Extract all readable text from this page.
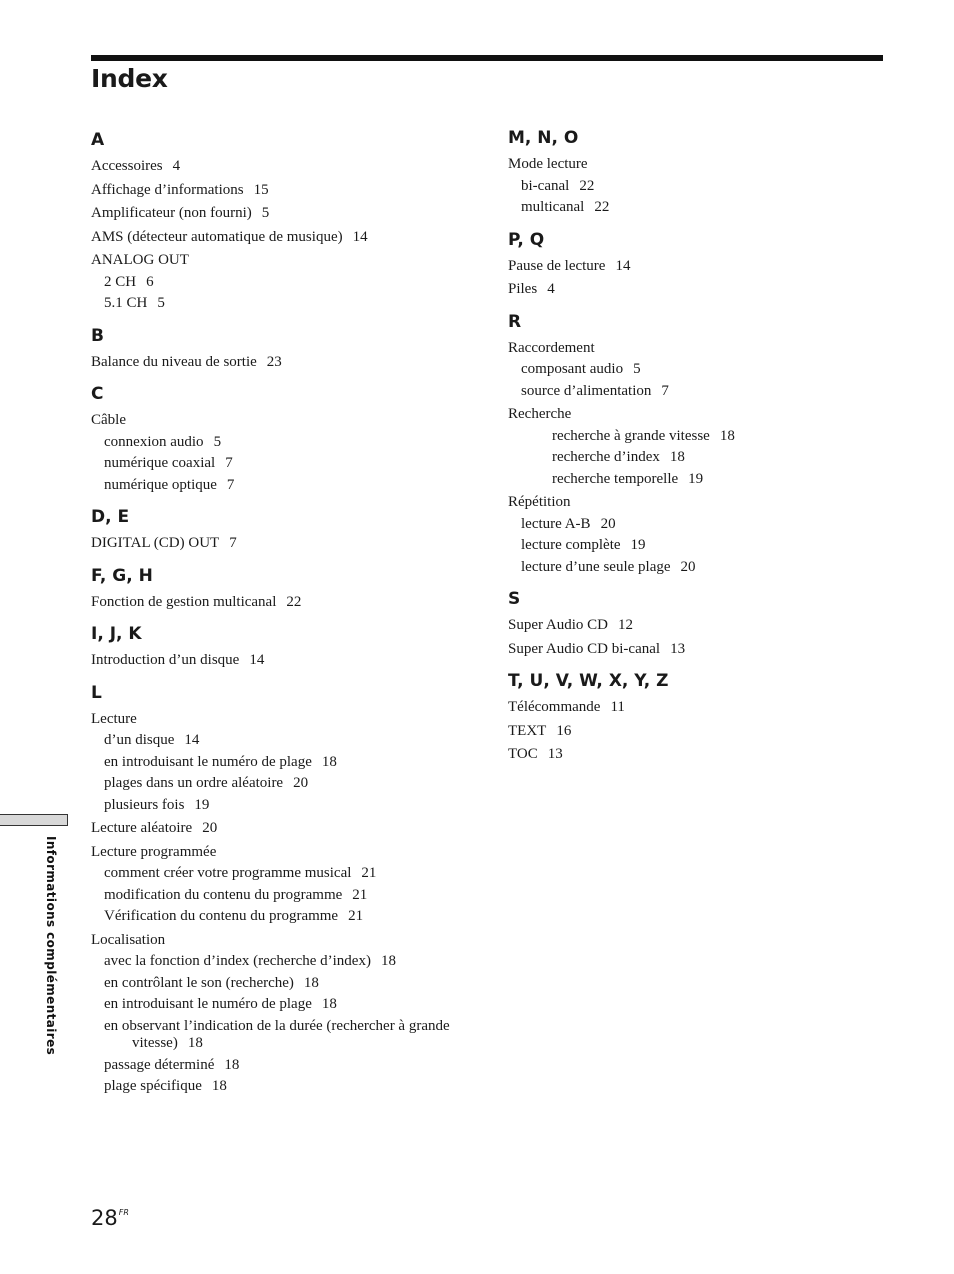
Index
A
Accessoires 4
Affichage d’informations 15
Amplificateur (non fourni) 5
AMS (détecteur automatique de musique) 14
ANALOG OUT
2 CH 6
5.1 CH 5
B
Balance du niveau de sortie 23
C
Câble
connexion audio 5
numérique coaxial 7
numérique optique 7
D, E
DIGITAL (CD) OUT 7
F, G, H
Fonction de gestion multicanal 22
I, J, K
Introduction d’un disque 14
L
Lecture
d’un disque 14
en introduisant le numéro de plage 18
plages dans un ordre aléatoire 20
plusieurs fois 19
Lecture aléatoire 20
Lecture programmée
comment créer votre programme musical 21
modification du contenu du programme 21
Vérification du contenu du programme 21
Localisation
avec la fonction d’index (recherche d’index) 18
en contrôlant le son (recherche) 18
en introduisant le numéro de plage 18
en observant l’indication de la durée (rechercher à grande vitesse) 18
passage déterminé 18
plage spécifique 18
M, N, O
Mode lecture
bi-canal 22
multicanal 22
P, Q
Pause de lecture 14
Piles 4
R
Raccordement
composant audio 5
source d’alimentation 7
Recherche
recherche à grande vitesse 18
recherche d’index 18
recherche temporelle 19
Répétition
lecture A-B 20
lecture complète 19
lecture d’une seule plage 20
S
Super Audio CD 12
Super Audio CD bi-canal 13
T, U, V, W, X, Y, Z
Télécommande 11
TEXT 16
TOC 13
Informations complémentaires
$28^{FR}$
